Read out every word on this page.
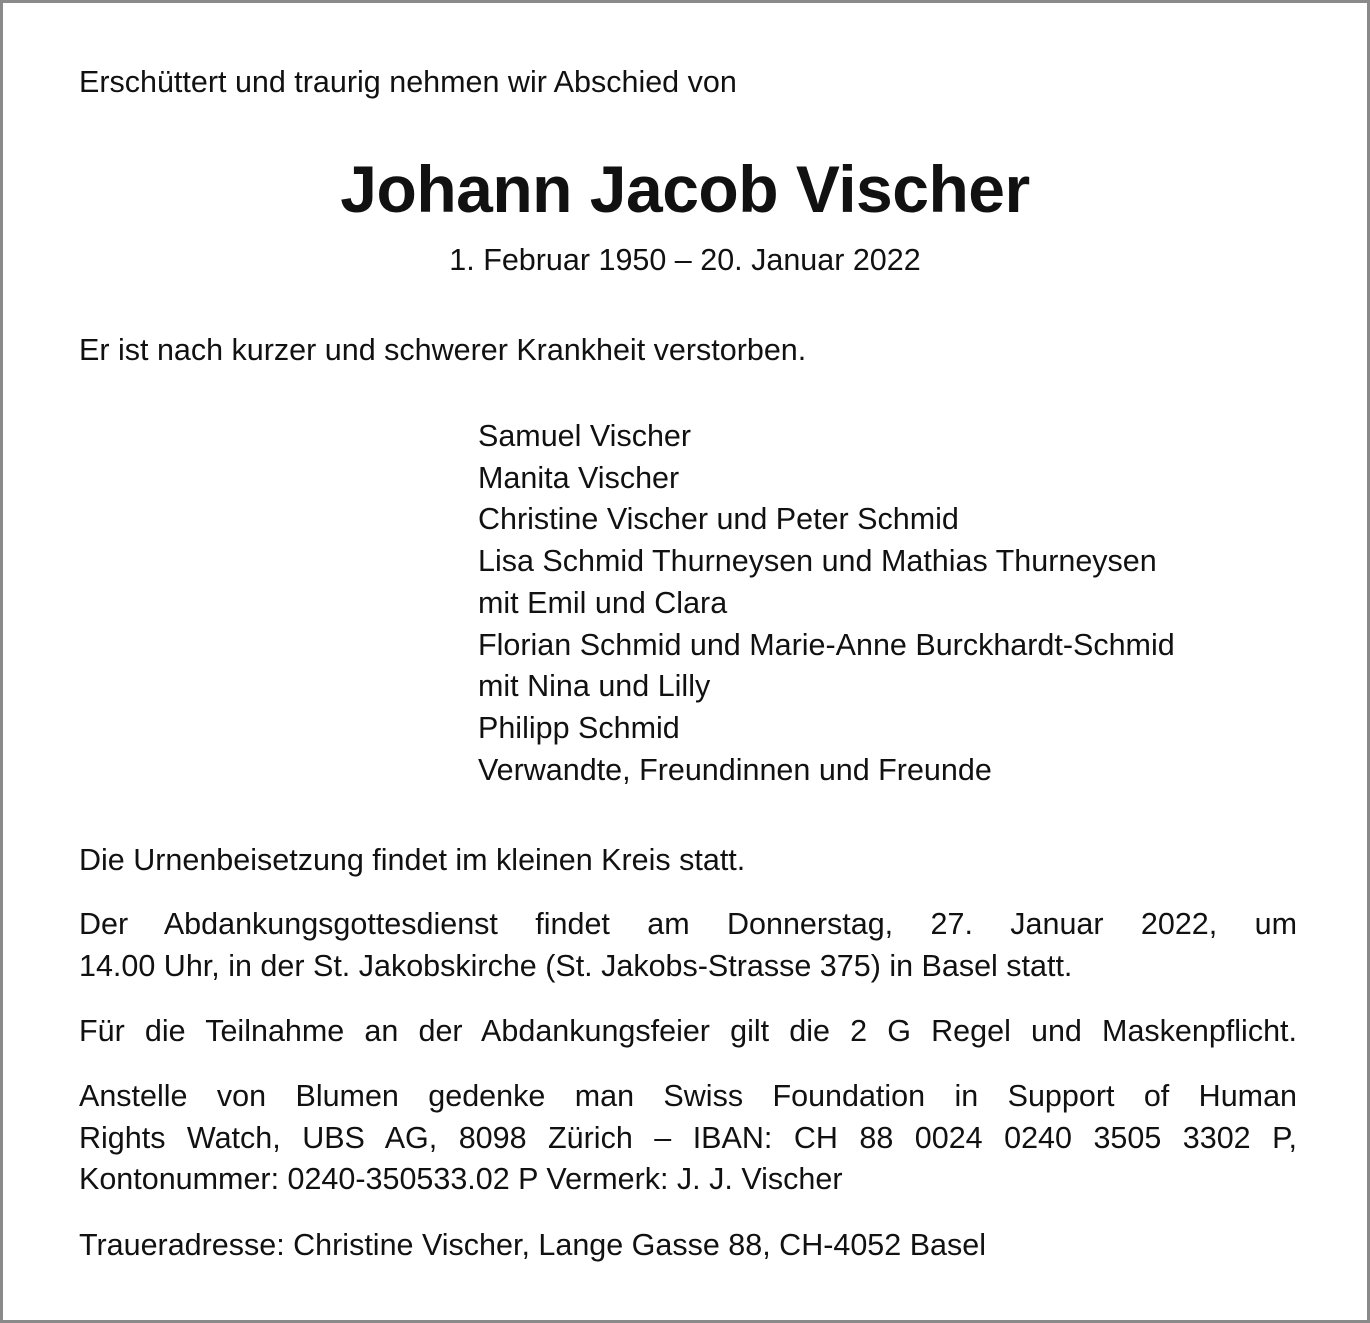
Erschüttert und traurig nehmen wir Abschied von

Johann Jacob Vischer

1. Februar 1950 – 20. Januar 2022

Er ist nach kurzer und schwerer Krankheit verstorben.

Samuel Vischer
Manita Vischer
Christine Vischer und Peter Schmid
Lisa Schmid Thurneysen und Mathias Thurneysen
mit Emil und Clara
Florian Schmid und Marie-Anne Burckhardt-Schmid
mit Nina und Lilly
Philipp Schmid
Verwandte, Freundinnen und Freunde

Die Urnenbeisetzung findet im kleinen Kreis statt.

Der Abdankungsgottesdienst findet am Donnerstag, 27. Januar 2022, um
14.00 Uhr, in der St. Jakobskirche (St. Jakobs-Strasse 375) in Basel statt.
Für die Teilnahme an der Abdankungsfeier gilt die 2 G Regel und Maskenpflicht.
Anstelle von Blumen gedenke man Swiss Foundation in Support of Human
Rights Watch, UBS AG, 8098 Zürich – IBAN: CH 88 0024 0240 3505 3302 P,
Kontonummer: 0240-350533.02 P Vermerk: J. J. Vischer

Traueradresse: Christine Vischer, Lange Gasse 88, CH-4052 Basel
